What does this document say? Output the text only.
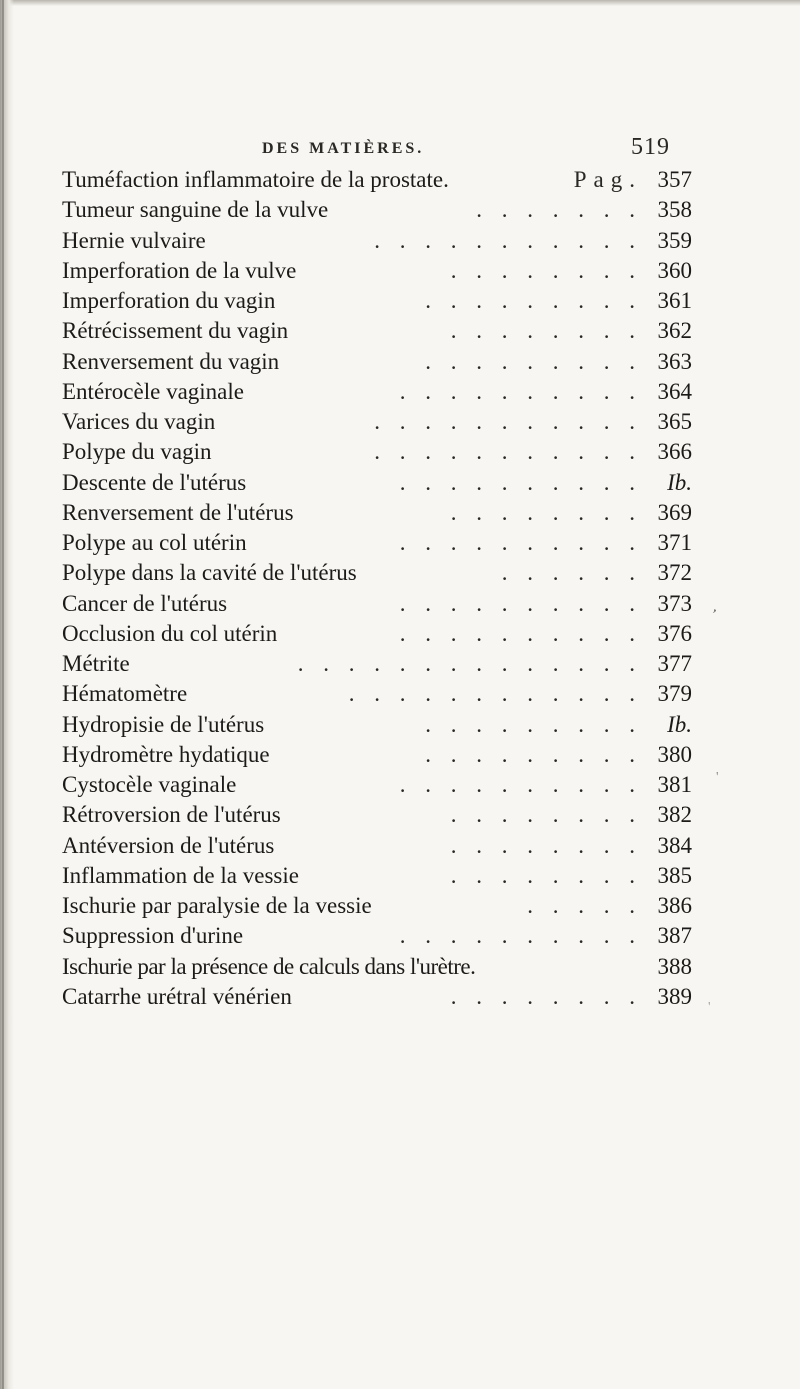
DES MATIÈRES.	519
Tuméfaction inflammatoire de la prostate.	Pag. 357
Tumeur sanguine de la vulve	. . . . . . . 358
Hernie vulvaire	. . . . . . . . . . . 359
Imperforation de la vulve	. . . . . . . . 360
Imperforation du vagin	. . . . . . . . . 361
Rétrécissement du vagin	. . . . . . . . 362
Renversement du vagin	. . . . . . . . . 363
Entérocèle vaginale	. . . . . . . . . . 364
Varices du vagin	. . . . . . . . . . . 365
Polype du vagin	. . . . . . . . . . . 366
Descente de l'utérus	. . . . . . . . . .	Ib.
Renversement de l'utérus	. . . . . . . . 369
Polype au col utérin	. . . . . . . . . . 371
Polype dans la cavité de l'utérus	. . . . . . 372
Cancer de l'utérus	. . . . . . . . . . 373
Occlusion du col utérin	. . . . . . . . . . 376
Métrite	. . . . . . . . . . . . . . 377
Hématomètre	. . . . . . . . . . . . 379
Hydropisie de l'utérus	. . . . . . . . .	Ib.
Hydromètre hydatique	. . . . . . . . . 380
Cystocèle vaginale	. . . . . . . . . . 381
Rétroversion de l'utérus	. . . . . . . . 382
Antéversion de l'utérus	. . . . . . . . 384
Inflammation de la vessie	. . . . . . . . 385
Ischurie par paralysie de la vessie	. . . . . 386
Suppression d'urine	. . . . . . . . . . 387
Ischurie par la présence de calculs dans l'urètre.	388
Catarrhe urétral vénérien	. . . . . . . . 389
,
'
'
